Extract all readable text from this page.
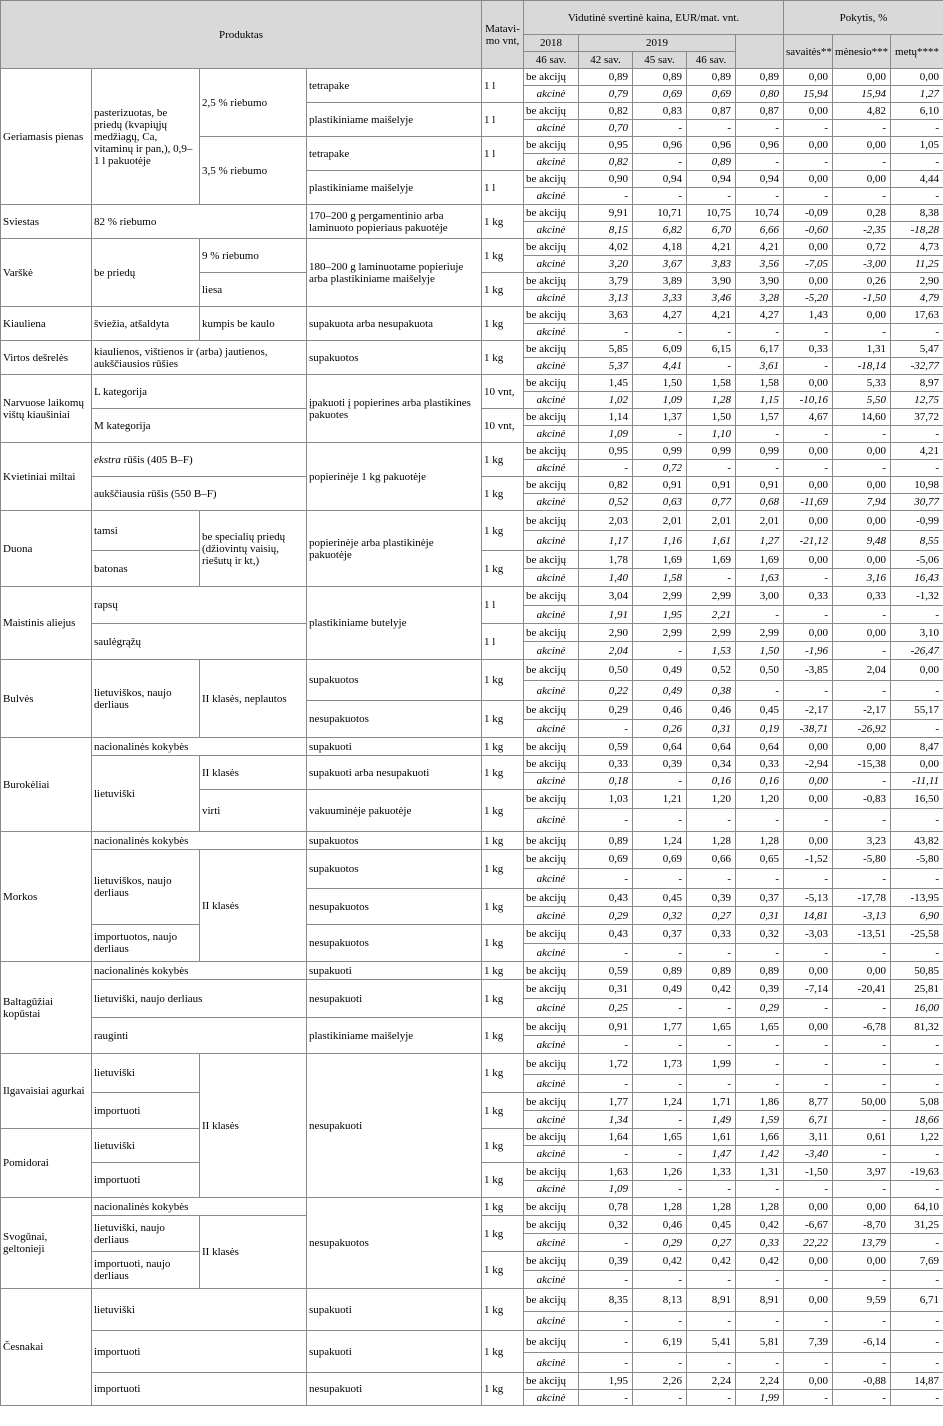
Produktas				Matavi- mo vnt,	Vidutinė svertinė kaina, EUR/mat. vnt.					Pokytis, %		
					2018	2019				savaitės**	mėnesio***	metų****
					46 sav.	42 sav.	45 sav.	46 sav.				
Geriamasis pienas	pasterizuotas, be priedų (kvapiųjų medžiagų, Ca, vitaminų ir pan,), 0,9–1 l pakuotėje	2,5 % riebumo	tetrapake	1 l	be akcijų	0,89	0,89	0,89	0,89	0,00	0,00	0,00
					akcinė	0,79	0,69	0,69	0,80	15,94	15,94	1,27
			plastikiniame maišelyje	1 l	be akcijų	0,82	0,83	0,87	0,87	0,00	4,82	6,10
					akcinė	0,70	-	-	-	-	-	-
		3,5 % riebumo	tetrapake	1 l	be akcijų	0,95	0,96	0,96	0,96	0,00	0,00	1,05
					akcinė	0,82	-	0,89	-	-	-	-
			plastikiniame maišelyje	1 l	be akcijų	0,90	0,94	0,94	0,94	0,00	0,00	4,44
					akcinė	-	-	-	-	-	-	-
Sviestas	82 % riebumo		170–200 g pergamentinio arba laminuoto popieriaus pakuotėje	1 kg	be akcijų	9,91	10,71	10,75	10,74	-0,09	0,28	8,38
					akcinė	8,15	6,82	6,70	6,66	-0,60	-2,35	-18,28
Varškė	be priedų	9 % riebumo	180–200 g laminuotame popieriuje arba plastikiniame maišelyje	1 kg	be akcijų	4,02	4,18	4,21	4,21	0,00	0,72	4,73
					akcinė	3,20	3,67	3,83	3,56	-7,05	-3,00	11,25
		liesa		1 kg	be akcijų	3,79	3,89	3,90	3,90	0,00	0,26	2,90
					akcinė	3,13	3,33	3,46	3,28	-5,20	-1,50	4,79
Kiauliena	šviežia, atšaldyta	kumpis be kaulo	supakuota arba nesupakuota	1 kg	be akcijų	3,63	4,27	4,21	4,27	1,43	0,00	17,63
					akcinė	-	-	-	-	-	-	-
Virtos dešrelės	kiaulienos, vištienos ir (arba) jautienos, aukščiausios rūšies		supakuotos	1 kg	be akcijų	5,85	6,09	6,15	6,17	0,33	1,31	5,47
					akcinė	5,37	4,41	-	3,61	-	-18,14	-32,77
Narvuose laikomų vištų kiaušiniai	L kategorija		įpakuoti į popierines arba plastikines pakuotes	10 vnt,	be akcijų	1,45	1,50	1,58	1,58	0,00	5,33	8,97
					akcinė	1,02	1,09	1,28	1,15	-10,16	5,50	12,75
	M kategorija			10 vnt,	be akcijų	1,14	1,37	1,50	1,57	4,67	14,60	37,72
					akcinė	1,09	-	1,10	-	-	-	-
Kvietiniai miltai	ekstra rūšis (405 B–F)		popierinėje 1 kg pakuotėje	1 kg	be akcijų	0,95	0,99	0,99	0,99	0,00	0,00	4,21
					akcinė	-	0,72	-	-	-	-	-
	aukščiausia rūšis (550 B–F)			1 kg	be akcijų	0,82	0,91	0,91	0,91	0,00	0,00	10,98
					akcinė	0,52	0,63	0,77	0,68	-11,69	7,94	30,77
Duona	tamsi	be specialių priedų (džiovintų vaisių, riešutų ir kt,)	popierinėje arba plastikinėje pakuotėje	1 kg	be akcijų	2,03	2,01	2,01	2,01	0,00	0,00	-0,99
					akcinė	1,17	1,16	1,61	1,27	-21,12	9,48	8,55
	batonas			1 kg	be akcijų	1,78	1,69	1,69	1,69	0,00	0,00	-5,06
					akcinė	1,40	1,58	-	1,63	-	3,16	16,43
Maistinis aliejus	rapsų		plastikiniame butelyje	1 l	be akcijų	3,04	2,99	2,99	3,00	0,33	0,33	-1,32
					akcinė	1,91	1,95	2,21	-	-	-	-
	saulėgrąžų			1 l	be akcijų	2,90	2,99	2,99	2,99	0,00	0,00	3,10
					akcinė	2,04	-	1,53	1,50	-1,96	-	-26,47
Bulvės	lietuviškos, naujo derliaus	II klasės, neplautos	supakuotos	1 kg	be akcijų	0,50	0,49	0,52	0,50	-3,85	2,04	0,00
					akcinė	0,22	0,49	0,38	-	-	-	-
			nesupakuotos	1 kg	be akcijų	0,29	0,46	0,46	0,45	-2,17	-2,17	55,17
					akcinė	-	0,26	0,31	0,19	-38,71	-26,92	-
Burokėliai	nacionalinės kokybės		supakuoti	1 kg	be akcijų	0,59	0,64	0,64	0,64	0,00	0,00	8,47
	lietuviški	II klasės	supakuoti arba nesupakuoti	1 kg	be akcijų	0,33	0,39	0,34	0,33	-2,94	-15,38	0,00
					akcinė	0,18	-	0,16	0,16	0,00	-	-11,11
		virti	vakuuminėje pakuotėje	1 kg	be akcijų	1,03	1,21	1,20	1,20	0,00	-0,83	16,50
					akcinė	-	-	-	-	-	-	-
Morkos	nacionalinės kokybės		supakuotos	1 kg	be akcijų	0,89	1,24	1,28	1,28	0,00	3,23	43,82
	lietuviškos, naujo derliaus	II klasės	supakuotos	1 kg	be akcijų	0,69	0,69	0,66	0,65	-1,52	-5,80	-5,80
					akcinė	-	-	-	-	-	-	-
			nesupakuotos	1 kg	be akcijų	0,43	0,45	0,39	0,37	-5,13	-17,78	-13,95
					akcinė	0,29	0,32	0,27	0,31	14,81	-3,13	6,90
	importuotos, naujo derliaus		nesupakuotos	1 kg	be akcijų	0,43	0,37	0,33	0,32	-3,03	-13,51	-25,58
					akcinė	-	-	-	-	-	-	-
Baltagūžiai kopūstai	nacionalinės kokybės		supakuoti	1 kg	be akcijų	0,59	0,89	0,89	0,89	0,00	0,00	50,85
	lietuviški, naujo derliaus		nesupakuoti	1 kg	be akcijų	0,31	0,49	0,42	0,39	-7,14	-20,41	25,81
					akcinė	0,25	-	-	0,29	-	-	16,00
	rauginti		plastikiniame maišelyje	1 kg	be akcijų	0,91	1,77	1,65	1,65	0,00	-6,78	81,32
					akcinė	-	-	-	-	-	-	-
Ilgavaisiai agurkai	lietuviški	II klasės	nesupakuoti	1 kg	be akcijų	1,72	1,73	1,99	-	-	-	-
					akcinė	-	-	-	-	-	-	-
	importuoti			1 kg	be akcijų	1,77	1,24	1,71	1,86	8,77	50,00	5,08
					akcinė	1,34	-	1,49	1,59	6,71	-	18,66
Pomidorai	lietuviški			1 kg	be akcijų	1,64	1,65	1,61	1,66	3,11	0,61	1,22
					akcinė	-	-	1,47	1,42	-3,40	-	-
	importuoti			1 kg	be akcijų	1,63	1,26	1,33	1,31	-1,50	3,97	-19,63
					akcinė	1,09	-	-	-	-	-	-
Svogūnai, geltonieji	nacionalinės kokybės		nesupakuotos	1 kg	be akcijų	0,78	1,28	1,28	1,28	0,00	0,00	64,10
	lietuviški, naujo derliaus	II klasės		1 kg	be akcijų	0,32	0,46	0,45	0,42	-6,67	-8,70	31,25
					akcinė	-	0,29	0,27	0,33	22,22	13,79	-
	importuoti, naujo derliaus			1 kg	be akcijų	0,39	0,42	0,42	0,42	0,00	0,00	7,69
					akcinė	-	-	-	-	-	-	-
Česnakai	lietuviški		supakuoti	1 kg	be akcijų	8,35	8,13	8,91	8,91	0,00	9,59	6,71
					akcinė	-	-	-	-	-	-	-
	importuoti		supakuoti	1 kg	be akcijų	-	6,19	5,41	5,81	7,39	-6,14	-
					akcinė	-	-	-	-	-	-	-
	importuoti		nesupakuoti	1 kg	be akcijų	1,95	2,26	2,24	2,24	0,00	-0,88	14,87
					akcinė	-	-	-	1,99	-	-	-
